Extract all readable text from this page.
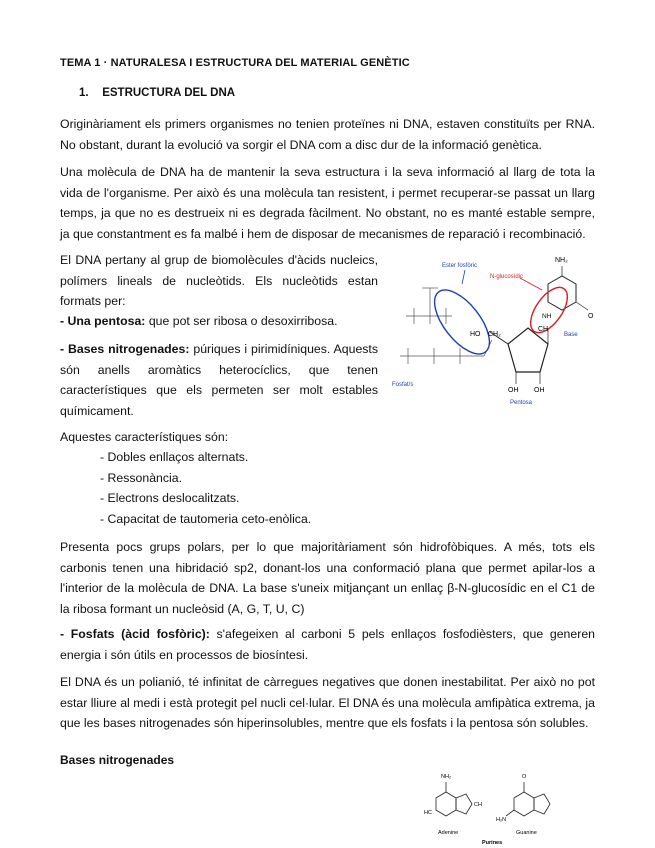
TEMA 1 · NATURALESA I ESTRUCTURA DEL MATERIAL GENÈTIC
1. ESTRUCTURA DEL DNA

Originàriament els primers organismes no tenien proteïnes ni DNA, estaven constituïts per RNA. No obstant, durant la evolució va sorgir el DNA com a disc dur de la informació genètica.

Una molècula de DNA ha de mantenir la seva estructura i la seva informació al llarg de tota la vida de l'organisme. Per això és una molècula tan resistent, i permet recuperar-se passat un llarg temps, ja que no es destrueix ni es degrada fàcilment. No obstant, no es manté estable sempre, ja que constantment es fa malbé i hem de disposar de mecanismes de reparació i recombinació.

El DNA pertany al grup de biomolècules d'àcids nucleics, polímers lineals de nucleòtids. Els nucleòtids estan formats per:

- Una pentosa: que pot ser ribosa o desoxirribosa.

- Bases nitrogenades: púriques i pirimidíniques. Aquests són anells aromàtics heterocíclics, que tenen característiques que els permeten ser molt estables químicament.

Aquestes característiques són:

- Dobles enllaços alternats.
- Ressonància.
- Electrons deslocalitzats.
- Capacitat de tautomeria ceto-enòlica.

Presenta pocs grups polars, per lo que majoritàriament són hidrofòbiques. A més, tots els carbonis tenen una hibridació sp2, donant-los una conformació plana que permet apilar-los a l'interior de la molècula de DNA. La base s'uneix mitjançant un enllaç β-N-glucosídic en el C1 de la ribosa formant un nucleòsid (A, G, T, U, C)

- Fosfats (àcid fosfòric): s'afegeixen al carboni 5 pels enllaços fosfodièsters, que generen energia i són útils en processos de biosíntesi.

El DNA és un polianió, té infinitat de càrregues negatives que donen inestabilitat. Per això no pot estar lliure al medi i està protegit pel nucli cel·lular. El DNA és una molècula amfipàtica extrema, ja que les bases nitrogenades són hiperinsolubles, mentre que els fosfats i la pentosa són solubles.

Bases nitrogenades
Ester fosfòric
N-glucosídic
NH₂
NH	O
HO CH₂
CH
Base
OH OH
Fosfat/s
Pentosa
NH₂	O
HC
CH
H₂N
Adenine	Guanine
Purines
